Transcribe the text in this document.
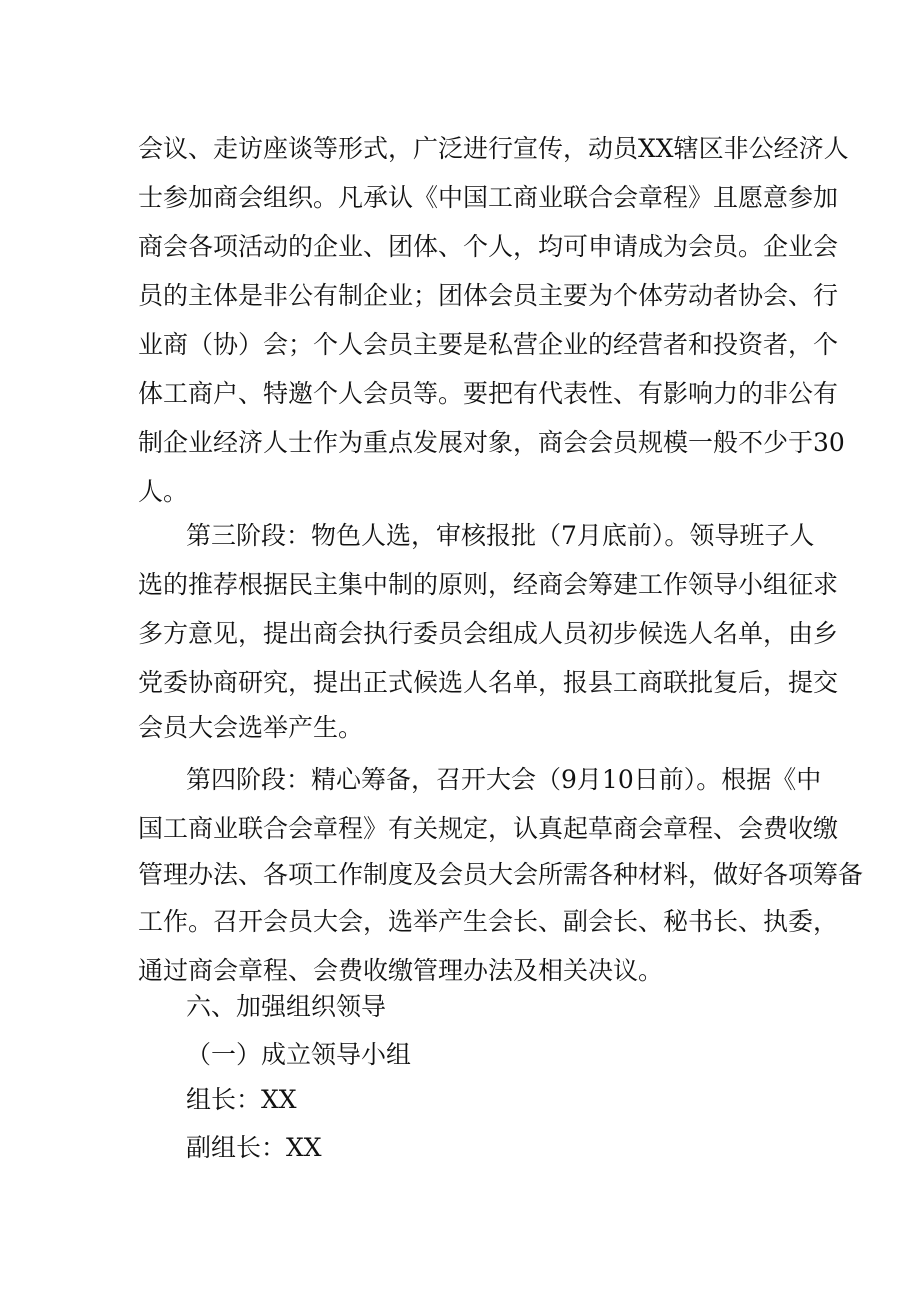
会议、走访座谈等形式，广泛进行宣传，动员XX辖区非公经济人
士参加商会组织。凡承认《中国工商业联合会章程》且愿意参加
商会各项活动的企业、团体、个人，均可申请成为会员。企业会
员的主体是非公有制企业；团体会员主要为个体劳动者协会、行
业商（协）会；个人会员主要是私营企业的经营者和投资者，个
体工商户、特邀个人会员等。要把有代表性、有影响力的非公有
制企业经济人士作为重点发展对象，商会会员规模一般不少于30
人。
第三阶段：物色人选，审核报批（7月底前）。领导班子人
选的推荐根据民主集中制的原则，经商会筹建工作领导小组征求
多方意见，提出商会执行委员会组成人员初步候选人名单，由乡
党委协商研究，提出正式候选人名单，报县工商联批复后，提交
会员大会选举产生。
第四阶段：精心筹备，召开大会（9月10日前）。根据《中
国工商业联合会章程》有关规定，认真起草商会章程、会费收缴
管理办法、各项工作制度及会员大会所需各种材料，做好各项筹备
工作。召开会员大会，选举产生会长、副会长、秘书长、执委，
通过商会章程、会费收缴管理办法及相关决议。
六、加强组织领导
（一）成立领导小组
组长：XX
副组长：XX
